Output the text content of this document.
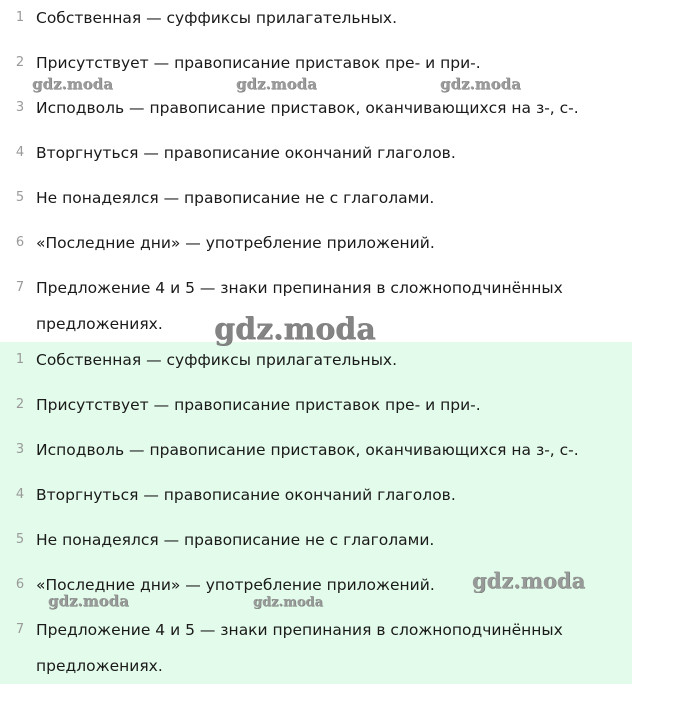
1 Собственная — суффиксы прилагательных.
2 Присутствует — правописание приставок пре- и при-.
3 Исподволь — правописание приставок, оканчивающихся на з-, с-.
4 Вторгнуться — правописание окончаний глаголов.
5 Не понадеялся — правописание не с глаголами.
6 «Последние дни» — употребление приложений.
7 Предложение 4 и 5 — знаки препинания в сложноподчинённых предложениях.
1 Собственная — суффиксы прилагательных.
2 Присутствует — правописание приставок пре- и при-.
3 Исподволь — правописание приставок, оканчивающихся на з-, с-.
4 Вторгнуться — правописание окончаний глаголов.
5 Не понадеялся — правописание не с глаголами.
6 «Последние дни» — употребление приложений.
7 Предложение 4 и 5 — знаки препинания в сложноподчинённых предложениях.
gdz.moda	gdz.moda	gdz.moda
gdz.moda
gdz.moda
gdz.moda	gdz.moda
